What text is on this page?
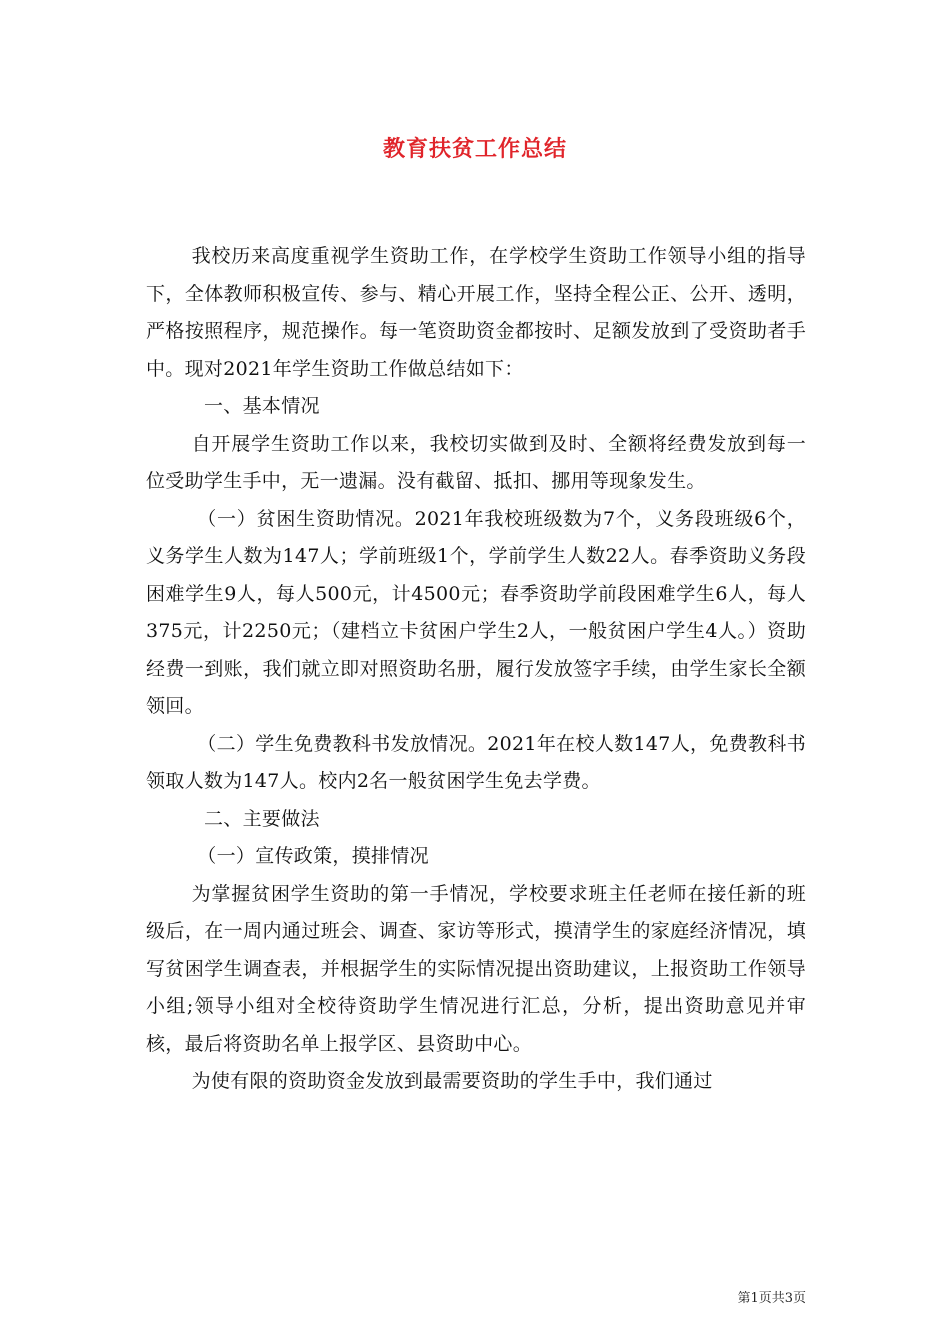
教育扶贫工作总结

我校历来高度重视学生资助工作，在学校学生资助工作领导小组的指导下，全体教师积极宣传、参与、精心开展工作，坚持全程公正、公开、透明，严格按照程序，规范操作。每一笔资助资金都按时、足额发放到了受资助者手中。现对2021年学生资助工作做总结如下：

一、基本情况

自开展学生资助工作以来，我校切实做到及时、全额将经费发放到每一位受助学生手中，无一遗漏。没有截留、抵扣、挪用等现象发生。

（一）贫困生资助情况。2021年我校班级数为7个，义务段班级6个，义务学生人数为147人；学前班级1个，学前学生人数22人。春季资助义务段困难学生9人，每人500元，计4500元；春季资助学前段困难学生6人，每人375元，计2250元；（建档立卡贫困户学生2人，一般贫困户学生4人。）资助经费一到账，我们就立即对照资助名册，履行发放签字手续，由学生家长全额领回。

（二）学生免费教科书发放情况。2021年在校人数147人，免费教科书领取人数为147人。校内2名一般贫困学生免去学费。

二、主要做法

（一）宣传政策，摸排情况

为掌握贫困学生资助的第一手情况，学校要求班主任老师在接任新的班级后，在一周内通过班会、调查、家访等形式，摸清学生的家庭经济情况，填写贫困学生调查表，并根据学生的实际情况提出资助建议，上报资助工作领导小组;领导小组对全校待资助学生情况进行汇总，分析，提出资助意见并审核，最后将资助名单上报学区、县资助中心。

为使有限的资助资金发放到最需要资助的学生手中，我们通过

第1页共3页
